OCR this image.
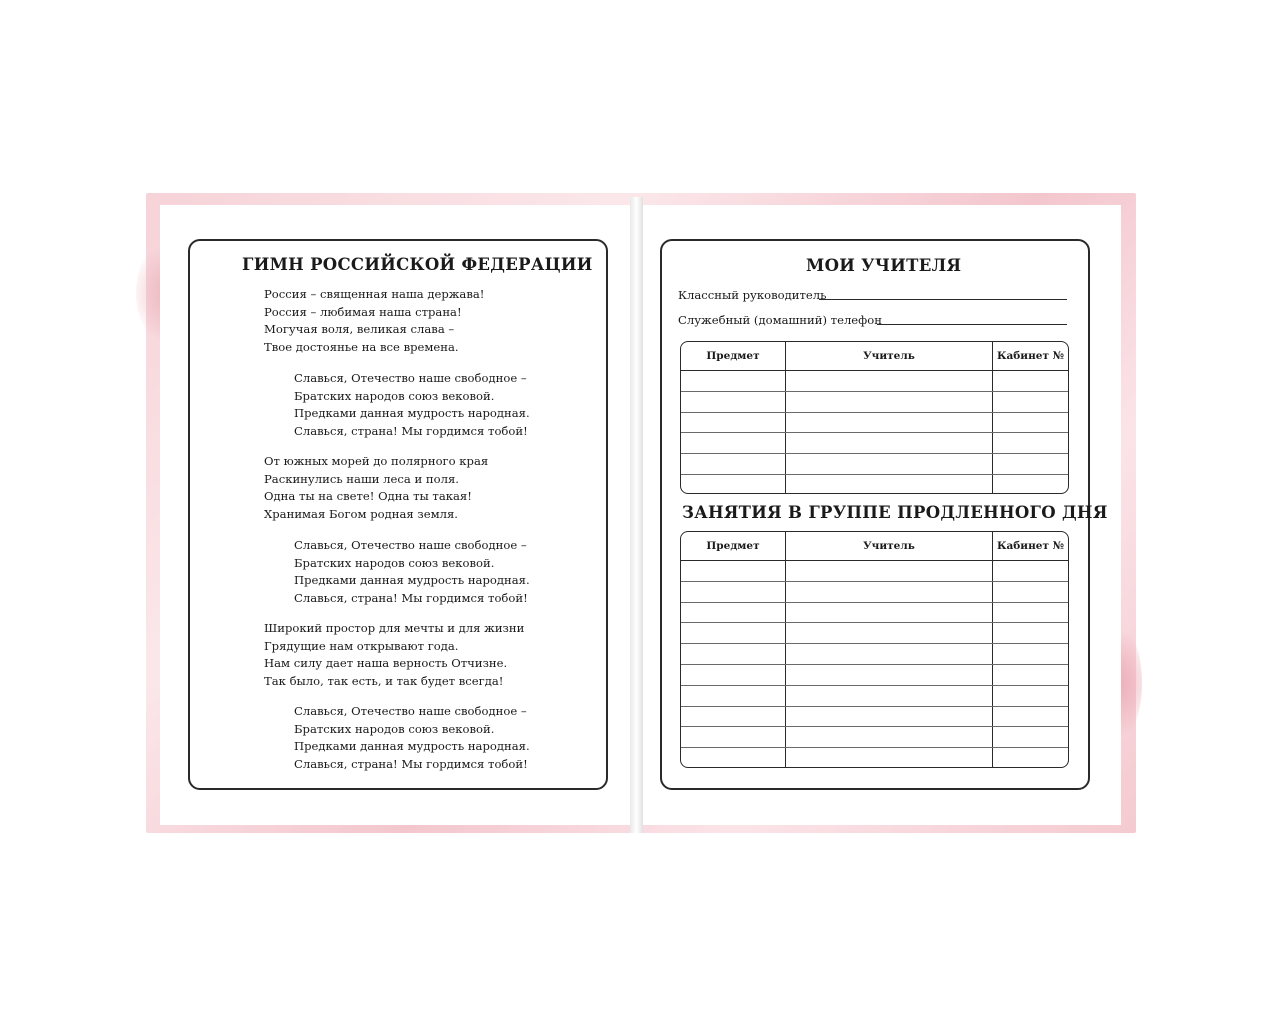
ГИМН РОССИЙСКОЙ ФЕДЕРАЦИИ
Россия – священная наша держава!
Россия – любимая наша страна!
Могучая воля, великая слава –
Твое достоянье на все времена.
Славься, Отечество наше свободное –
Братских народов союз вековой.
Предками данная мудрость народная.
Славься, страна! Мы гордимся тобой!
От южных морей до полярного края
Раскинулись наши леса и поля.
Одна ты на свете! Одна ты такая!
Хранимая Богом родная земля.
Славься, Отечество наше свободное –
Братских народов союз вековой.
Предками данная мудрость народная.
Славься, страна! Мы гордимся тобой!
Широкий простор для мечты и для жизни
Грядущие нам открывают года.
Нам силу дает наша верность Отчизне.
Так было, так есть, и так будет всегда!
Славься, Отечество наше свободное –
Братских народов союз вековой.
Предками данная мудрость народная.
Славься, страна! Мы гордимся тобой!
МОИ УЧИТЕЛЯ
Классный руководитель
Служебный (домашний) телефон
Предмет	Учитель	Кабинет №
ЗАНЯТИЯ В ГРУППЕ ПРОДЛЕННОГО ДНЯ
Предмет	Учитель	Кабинет №
